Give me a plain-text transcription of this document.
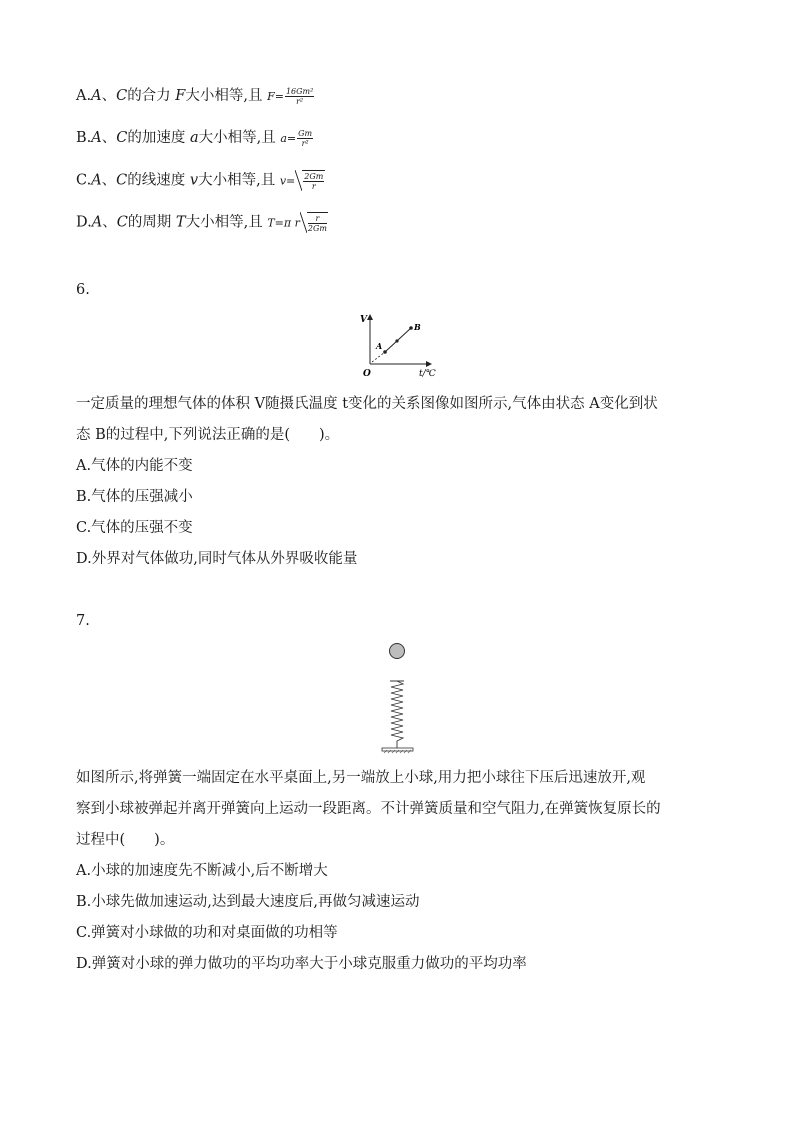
A.A、C的合力 F大小相等,且 $F= \frac{\text{16Gm²}}{\text{r²}}$
B.A、C的加速度 a大小相等,且 $a= \frac{Gm}{\text{r²}}$
C.A、C的线速度 v大小相等,且 $v= \frac{2Gm}{r}$
D.A、C的周期 T大小相等,且 T=π r $\frac{r}{2Gm}$
6.
V
O	t/℃
A
B
一定质量的理想气体的体积 V随摄氏温度 t变化的关系图像如图所示,气体由状态 A变化到状
态 B的过程中,下列说法正确的是(　　)。
A.气体的内能不变
B.气体的压强减小
C.气体的压强不变
D.外界对气体做功,同时气体从外界吸收能量
7.
如图所示,将弹簧一端固定在水平桌面上,另一端放上小球,用力把小球往下压后迅速放开,观
察到小球被弹起并离开弹簧向上运动一段距离。不计弹簧质量和空气阻力,在弹簧恢复原长的
过程中(　　)。
A.小球的加速度先不断减小,后不断增大
B.小球先做加速运动,达到最大速度后,再做匀减速运动
C.弹簧对小球做的功和对桌面做的功相等
D.弹簧对小球的弹力做功的平均功率大于小球克服重力做功的平均功率
